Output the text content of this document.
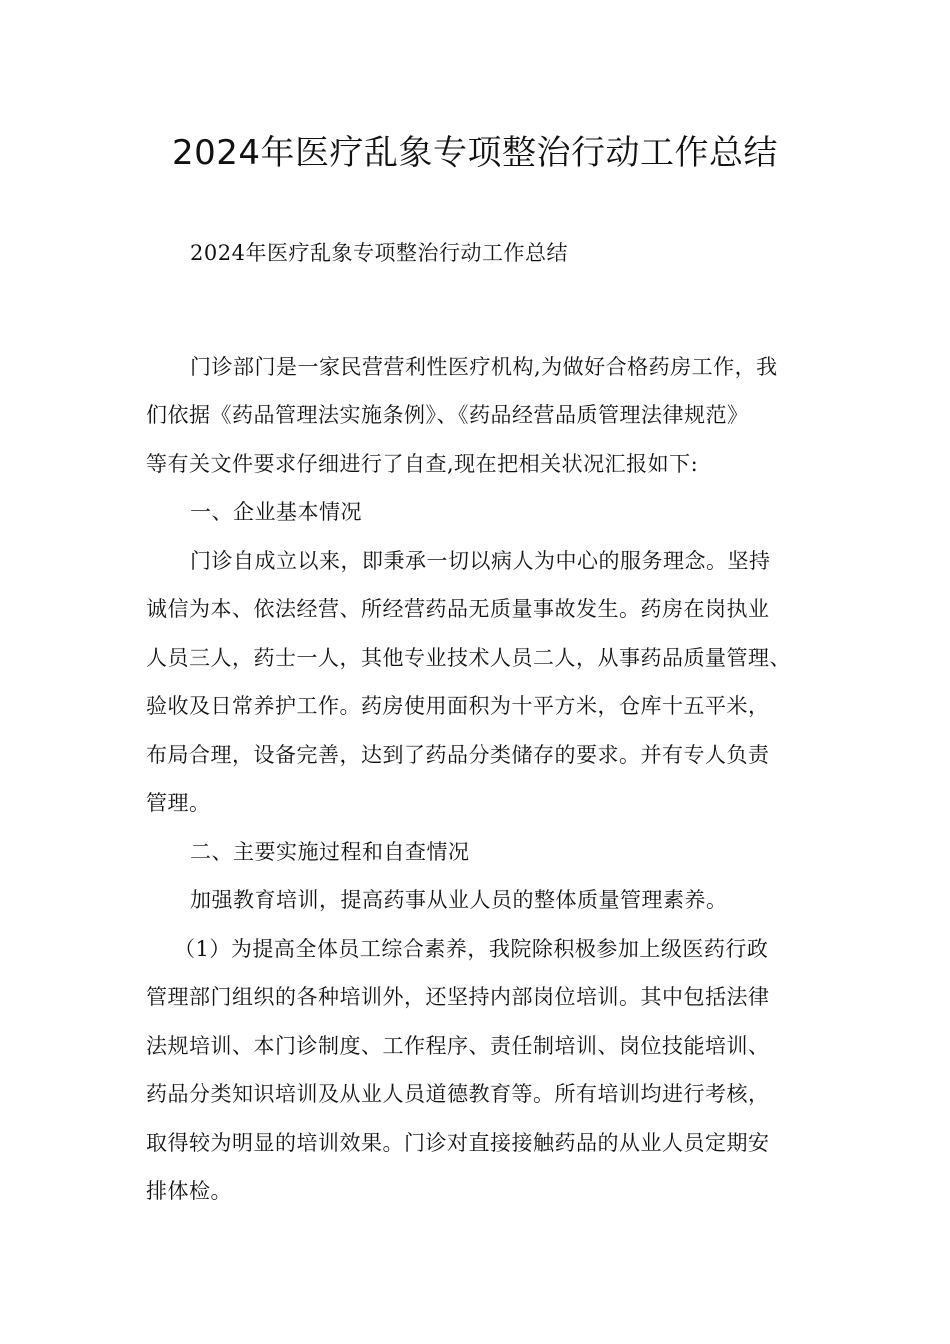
2024年医疗乱象专项整治行动工作总结
2024年医疗乱象专项整治行动工作总结
门诊部门是一家民营营利性医疗机构,为做好合格药房工作，我
们依据《药品管理法实施条例》、《药品经营品质管理法律规范》
等有关文件要求仔细进行了自查,现在把相关状况汇报如下:
一、企业基本情况
门诊自成立以来，即秉承一切以病人为中心的服务理念。坚持
诚信为本、依法经营、所经营药品无质量事故发生。药房在岗执业
人员三人，药士一人，其他专业技术人员二人，从事药品质量管理、
验收及日常养护工作。药房使用面积为十平方米，仓库十五平米，
布局合理，设备完善，达到了药品分类储存的要求。并有专人负责
管理。
二、主要实施过程和自查情况
加强教育培训，提高药事从业人员的整体质量管理素养。
（1）为提高全体员工综合素养，我院除积极参加上级医药行政
管理部门组织的各种培训外，还坚持内部岗位培训。其中包括法律
法规培训、本门诊制度、工作程序、责任制培训、岗位技能培训、
药品分类知识培训及从业人员道德教育等。所有培训均进行考核，
取得较为明显的培训效果。门诊对直接接触药品的从业人员定期安
排体检。
